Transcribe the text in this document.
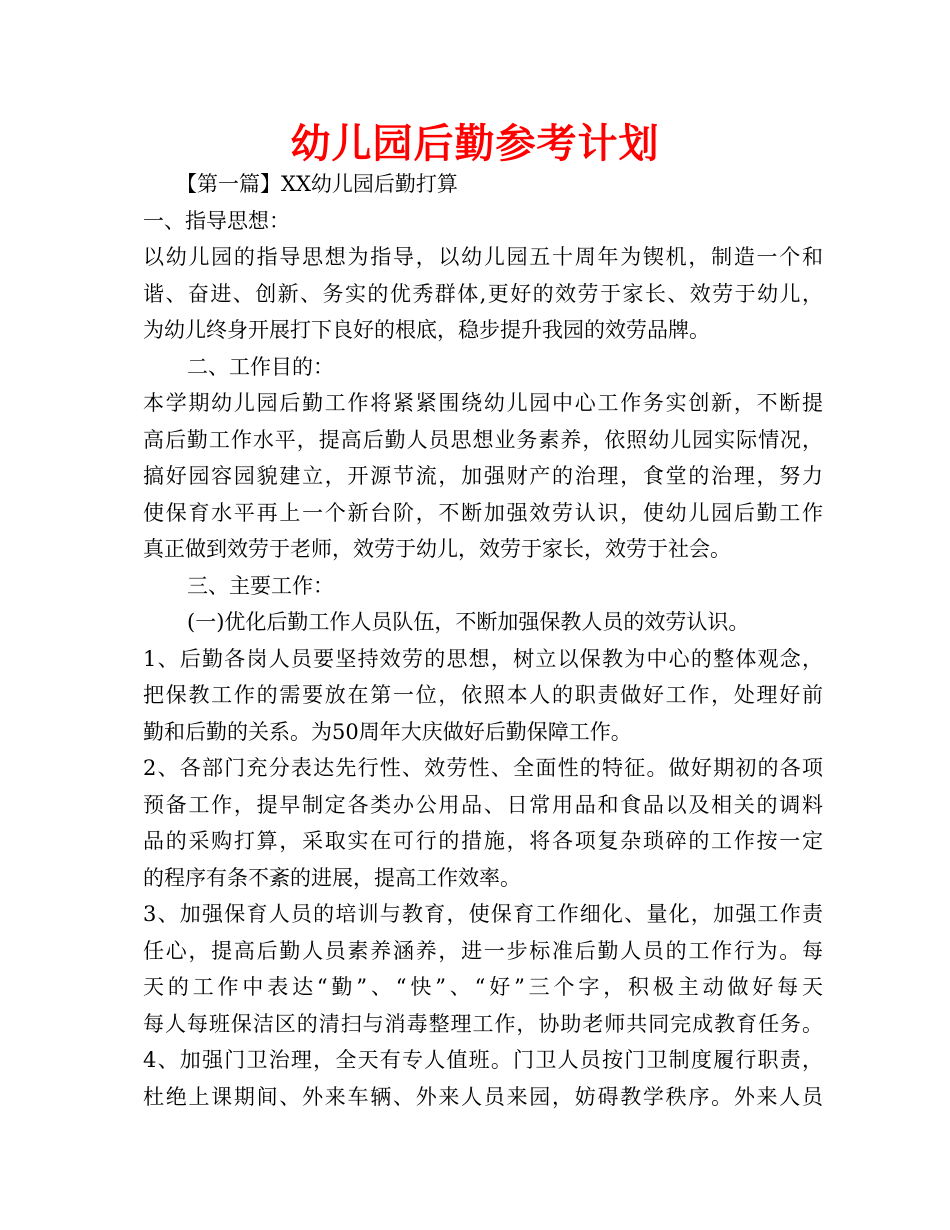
幼儿园后勤参考计划
【第一篇】XX幼儿园后勤打算
一、指导思想：
以幼儿园的指导思想为指导，以幼儿园五十周年为锲机，制造一个和
谐、奋进、创新、务实的优秀群体,更好的效劳于家长、效劳于幼儿，
为幼儿终身开展打下良好的根底，稳步提升我园的效劳品牌。
二、工作目的：
本学期幼儿园后勤工作将紧紧围绕幼儿园中心工作务实创新，不断提
高后勤工作水平，提高后勤人员思想业务素养，依照幼儿园实际情况，
搞好园容园貌建立，开源节流，加强财产的治理，食堂的治理，努力
使保育水平再上一个新台阶，不断加强效劳认识，使幼儿园后勤工作
真正做到效劳于老师，效劳于幼儿，效劳于家长，效劳于社会。
三、主要工作：
(一)优化后勤工作人员队伍，不断加强保教人员的效劳认识。
1、后勤各岗人员要坚持效劳的思想，树立以保教为中心的整体观念，
把保教工作的需要放在第一位，依照本人的职责做好工作，处理好前
勤和后勤的关系。为50周年大庆做好后勤保障工作。
2、各部门充分表达先行性、效劳性、全面性的特征。做好期初的各项
预备工作，提早制定各类办公用品、日常用品和食品以及相关的调料
品的采购打算，采取实在可行的措施，将各项复杂琐碎的工作按一定
的程序有条不紊的进展，提高工作效率。
3、加强保育人员的培训与教育，使保育工作细化、量化，加强工作责
任心，提高后勤人员素养涵养，进一步标准后勤人员的工作行为。每
天的工作中表达“勤”、“快”、“好”三个字，积极主动做好每天
每人每班保洁区的清扫与消毒整理工作，协助老师共同完成教育任务。
4、加强门卫治理，全天有专人值班。门卫人员按门卫制度履行职责，
杜绝上课期间、外来车辆、外来人员来园，妨碍教学秩序。外来人员
